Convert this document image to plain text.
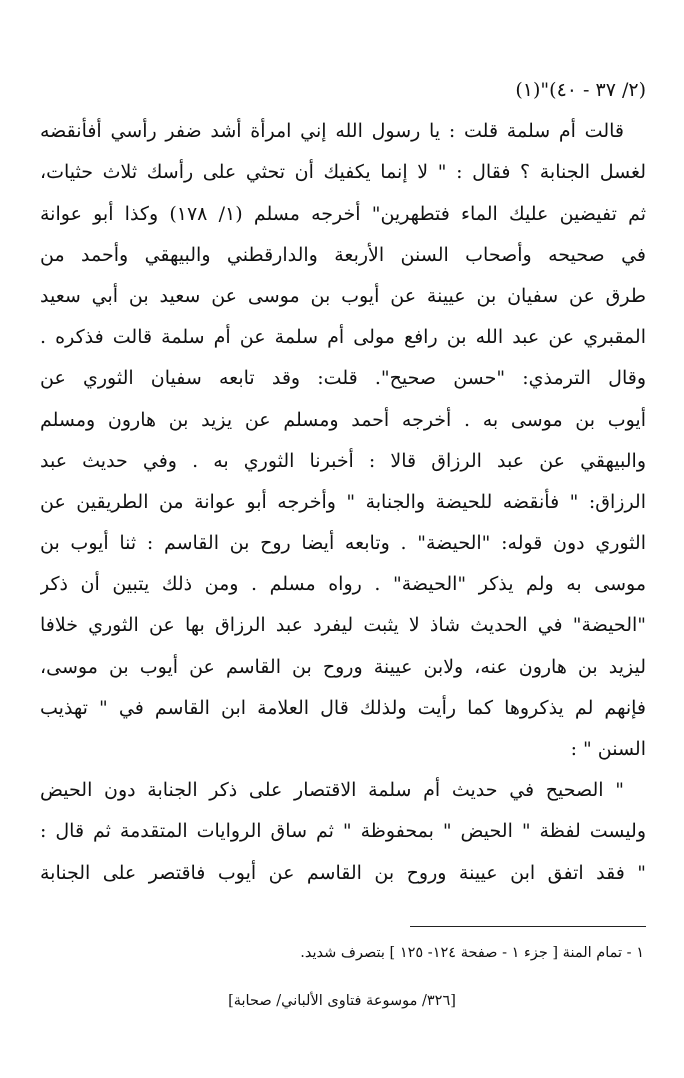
(٢/ ٣٧ - ٤٠)"(١)
قالت أم سلمة قلت : يا رسول الله إني امرأة أشد ضفر رأسي أفأنقضه
لغسل الجنابة ؟ فقال : " لا إنما يكفيك أن تحثي على رأسك ثلاث حثيات،
ثم تفيضين عليك الماء فتطهرين" أخرجه مسلم (١/ ١٧٨) وكذا أبو عوانة
في صحيحه وأصحاب السنن الأربعة والدارقطني والبيهقي وأحمد من
طرق عن سفيان بن عيينة عن أيوب بن موسى عن سعيد بن أبي سعيد
المقبري عن عبد الله بن رافع مولى أم سلمة عن أم سلمة قالت فذكره .
وقال الترمذي: "حسن صحيح". قلت: وقد تابعه سفيان الثوري عن
أيوب بن موسى به . أخرجه أحمد ومسلم عن يزيد بن هارون ومسلم
والبيهقي عن عبد الرزاق قالا : أخبرنا الثوري به . وفي حديث عبد
الرزاق: " فأنقضه للحيضة والجنابة " وأخرجه أبو عوانة من الطريقين عن
الثوري دون قوله: "الحيضة" . وتابعه أيضا روح بن القاسم : ثنا أيوب بن
موسى به ولم يذكر "الحيضة" . رواه مسلم . ومن ذلك يتبين أن ذكر
"الحيضة" في الحديث شاذ لا يثبت ليفرد عبد الرزاق بها عن الثوري خلافا
ليزيد بن هارون عنه، ولابن عيينة وروح بن القاسم عن أيوب بن موسى،
فإنهم لم يذكروها كما رأيت ولذلك قال العلامة ابن القاسم في " تهذيب
السنن " :
" الصحيح في حديث أم سلمة الاقتصار على ذكر الجنابة دون الحيض
وليست لفظة " الحيض " بمحفوظة " ثم ساق الروايات المتقدمة ثم قال :
" فقد اتفق ابن عيينة وروح بن القاسم عن أيوب فاقتصر على الجنابة
١ - تمام المنة [ جزء ١ - صفحة ١٢٤- ١٢٥ ] بتصرف شديد.
[٣٢٦/ موسوعة فتاوى الألباني/ صحابة]
